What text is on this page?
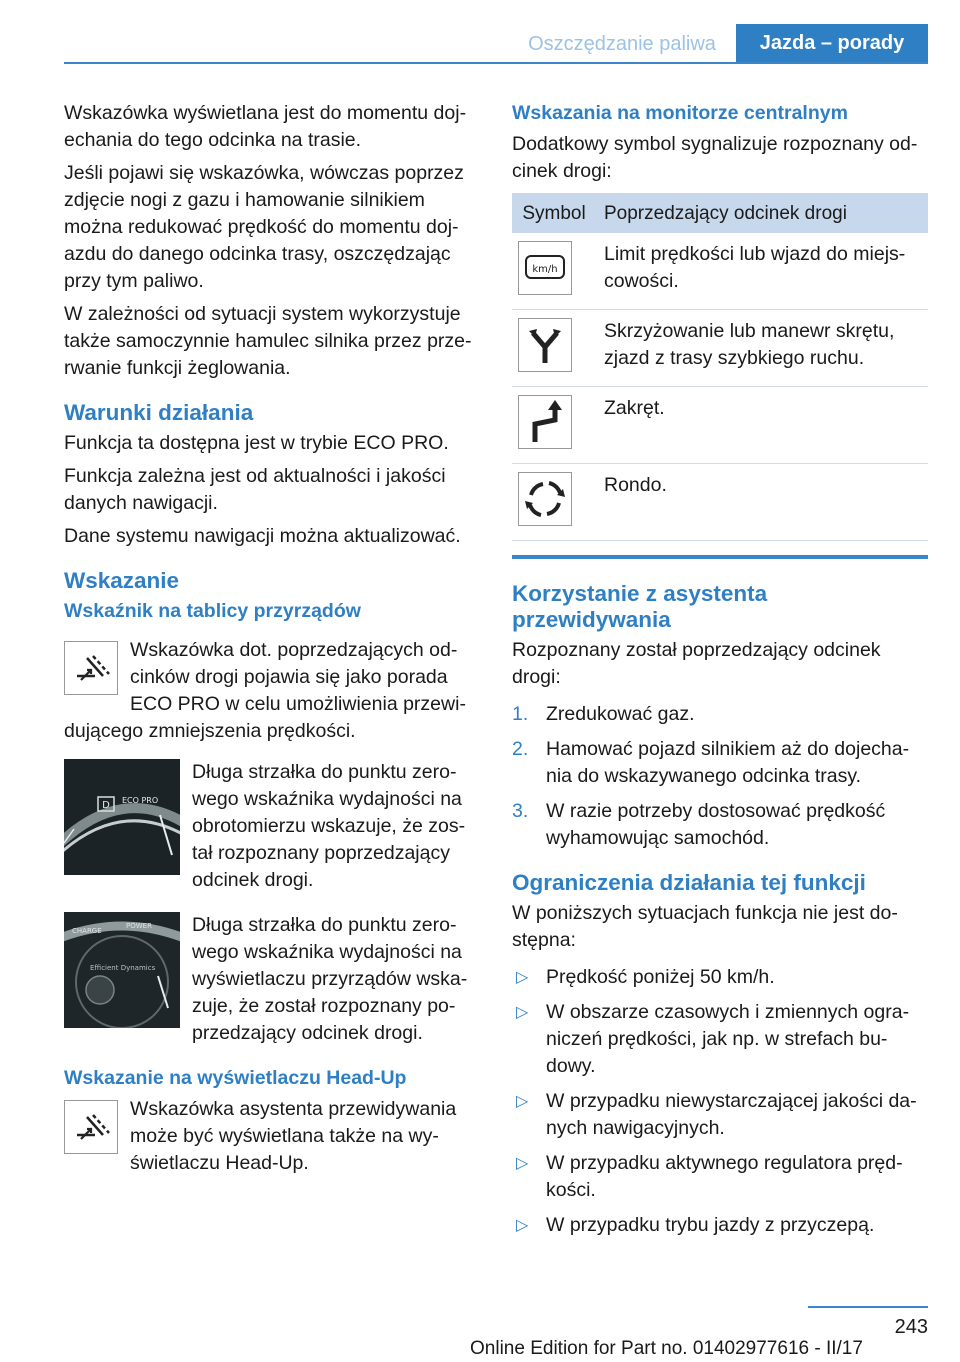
Oszczędzanie paliwa	Jazda – porady

Wskazówka wyświetlana jest do momentu dojechania do tego odcinka na trasie.

Jeśli pojawi się wskazówka, wówczas poprzez zdjęcie nogi z gazu i hamowanie silnikiem można redukować prędkość do momentu dojazdu do danego odcinka trasy, oszczędzając przy tym paliwo.

W zależności od sytuacji system wykorzystuje także samoczynnie hamulec silnika przez przerwanie funkcji żeglowania.

Warunki działania

Funkcja ta dostępna jest w trybie ECO PRO.

Funkcja zależna jest od aktualności i jakości danych nawigacji.

Dane systemu nawigacji można aktualizować.

Wskazanie
Wskaźnik na tablicy przyrządów
Wskazówka dot. poprzedzających odcinków drogi pojawia się jako porada ECO PRO w celu umożliwienia przewidującego zmniejszenia prędkości.
D ECO PRO
Długa strzałka do punktu zerowego wskaźnika wydajności na obrotomierzu wskazuje, że został rozpoznany poprzedzający odcinek drogi.
CHARGE
POWER
Efficient Dynamics
Długa strzałka do punktu zerowego wskaźnika wydajności na wyświetlaczu przyrządów wskazuje, że został rozpoznany poprzedzający odcinek drogi.
Wskazanie na wyświetlaczu Head-Up
Wskazówka asystenta przewidywania może być wyświetlana także na wyświetlaczu Head-Up.
Wskazania na monitorze centralnym

Dodatkowy symbol sygnalizuje rozpoznany odcinek drogi:

Symbol	Poprzedzający odcinek drogi

km/h	Limit prędkości lub wjazd do miejscowości.

	Skrzyżowanie lub manewr skrętu, zjazd z trasy szybkiego ruchu.

	Zakręt.

	Rondo.
Korzystanie z asystenta przewidywania

Rozpoznany został poprzedzający odcinek drogi:

1. Zredukować gaz.
2. Hamować pojazd silnikiem aż do dojechania do wskazywanego odcinka trasy.
3. W razie potrzeby dostosować prędkość wyhamowując samochód.
Ograniczenia działania tej funkcji

W poniższych sytuacjach funkcja nie jest dostępna:

▷ Prędkość poniżej 50 km/h.
▷ W obszarze czasowych i zmiennych ograniczeń prędkości, jak np. w strefach budowy.
▷ W przypadku niewystarczającej jakości danych nawigacyjnych.
▷ W przypadku aktywnego regulatora prędkości.
▷ W przypadku trybu jazdy z przyczepą.
243
Online Edition for Part no. 01402977616 - II/17
